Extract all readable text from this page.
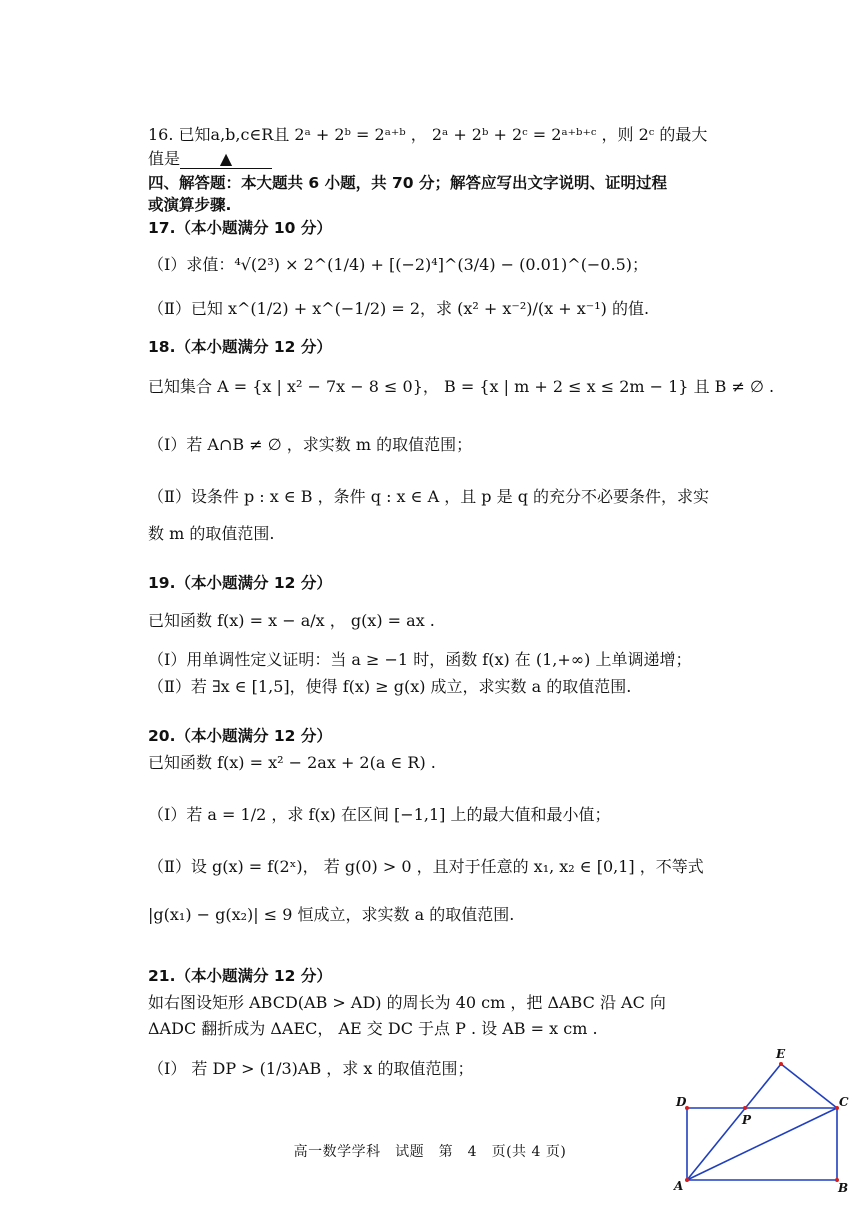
16. 已知a,b,c∈R且 2ᵃ + 2ᵇ = 2ᵃ⁺ᵇ ， 2ᵃ + 2ᵇ + 2ᶜ = 2ᵃ⁺ᵇ⁺ᶜ ，则 2ᶜ 的最大
值是 ▲
四、解答题：本大题共 6 小题，共 70 分；解答应写出文字说明、证明过程
或演算步骤.
17.（本小题满分 10 分）
（Ⅰ）求值：⁴√(2³) × 2^(1/4) + [(−2)⁴]^(3/4) − (0.01)^(−0.5)；
（Ⅱ）已知 x^(1/2) + x^(−1/2) = 2，求 (x² + x⁻²)/(x + x⁻¹) 的值.
18.（本小题满分 12 分）
已知集合 A = {x | x² − 7x − 8 ≤ 0}， B = {x | m + 2 ≤ x ≤ 2m − 1} 且 B ≠ ∅ .
（Ⅰ）若 A∩B ≠ ∅ ，求实数 m 的取值范围；
（Ⅱ）设条件 p : x ∈ B ，条件 q : x ∈ A ，且 p 是 q 的充分不必要条件，求实
数 m 的取值范围.
19.（本小题满分 12 分）
已知函数 f(x) = x − a/x ， g(x) = ax .
（Ⅰ）用单调性定义证明：当 a ≥ −1 时，函数 f(x) 在 (1,+∞) 上单调递增；
（Ⅱ）若 ∃x ∈ [1,5]，使得 f(x) ≥ g(x) 成立，求实数 a 的取值范围.
20.（本小题满分 12 分）
已知函数 f(x) = x² − 2ax + 2(a ∈ R) .
（Ⅰ）若 a = 1/2 ，求 f(x) 在区间 [−1,1] 上的最大值和最小值；
（Ⅱ）设 g(x) = f(2ˣ)， 若 g(0) > 0 ，且对于任意的 x₁, x₂ ∈ [0,1] ，不等式
|g(x₁) − g(x₂)| ≤ 9 恒成立，求实数 a 的取值范围.
21.（本小题满分 12 分）
如右图设矩形 ABCD(AB > AD) 的周长为 40 cm ，把 ΔABC 沿 AC 向
ΔADC 翻折成为 ΔAEC， AE 交 DC 于点 P . 设 AB = x cm .
（Ⅰ） 若 DP > (1/3)AB ，求 x 的取值范围；
D
A	B
C
E
P
高一数学学科　试题　第　4　页(共 4 页)
